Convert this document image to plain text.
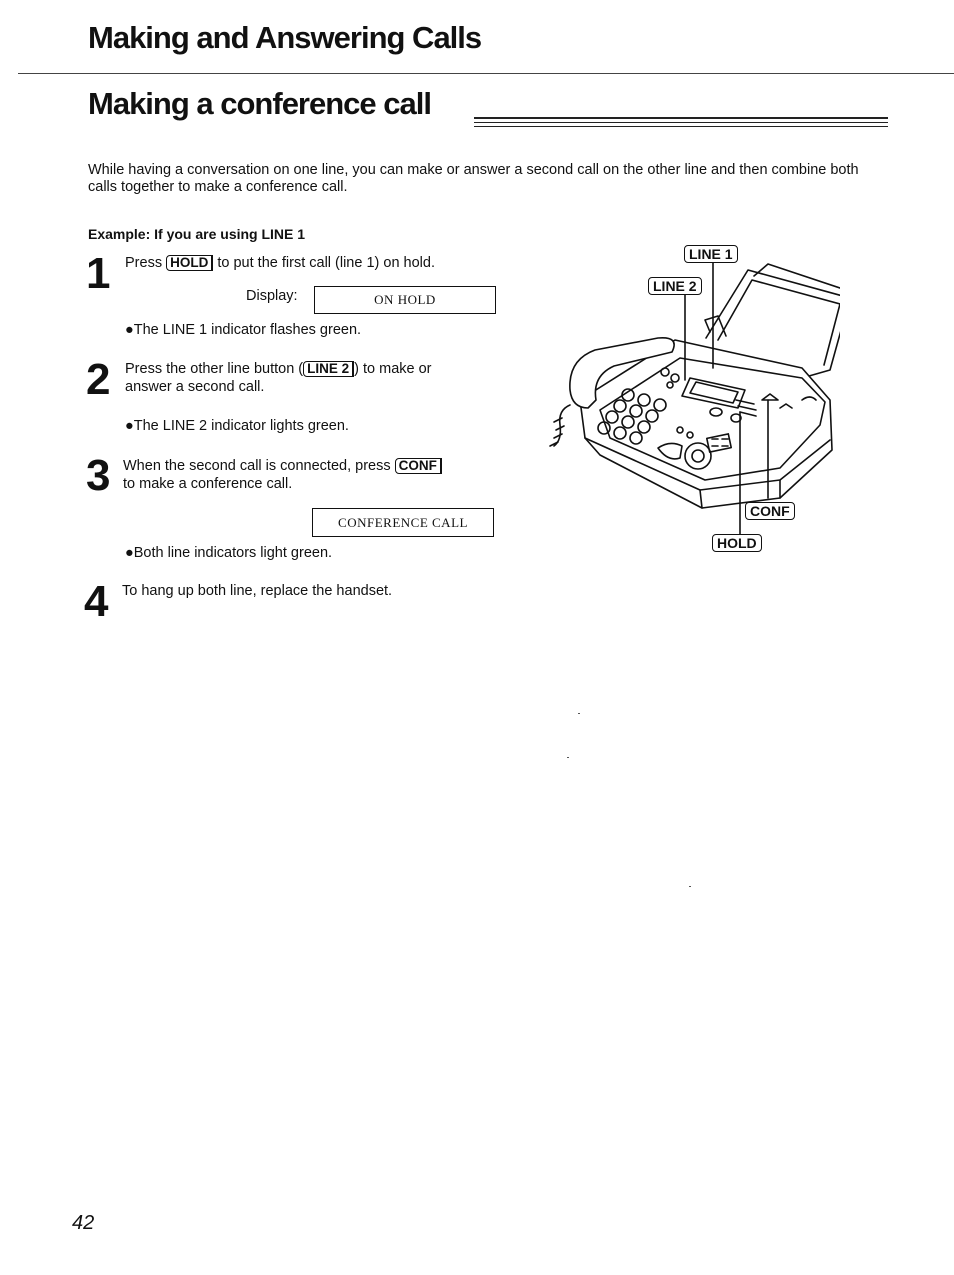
Making and Answering Calls
Making a conference call
While having a conversation on one line, you can make or answer a second call on the other line and then combine both calls together to make a conference call.
Example: If you are using LINE 1
1 Press HOLD to put the first call (line 1) on hold.
Display:	ON HOLD
●The LINE 1 indicator flashes green.
2 Press the other line button ( LINE 2 ) to make or
answer a second call.
●The LINE 2 indicator lights green.
3 When the second call is connected, press CONF
to make a conference call.
CONFERENCE CALL
●Both line indicators light green.
4 To hang up both line, replace the handset.
LINE 1
LINE 2
CONF
HOLD
42
